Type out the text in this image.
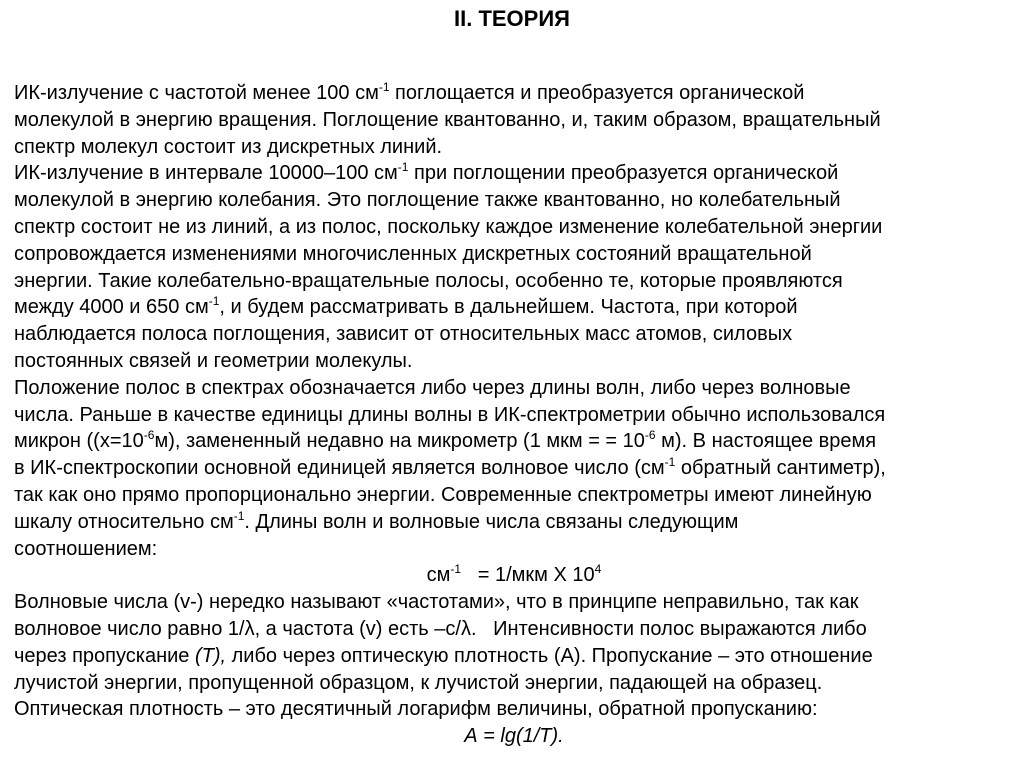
II. ТЕОРИЯ
ИК-излучение с частотой менее 100 $см^{-1}$ поглощается и преобразуется органической
молекулой в энергию вращения. Поглощение квантованно, и, таким образом, вращательный
спектр молекул состоит из дискретных линий.
ИК-излучение в интервале 10000–100 $см^{-1}$ при поглощении преобразуется органической
молекулой в энергию колебания. Это поглощение также квантованно, но колебательный
спектр состоит не из линий, а из полос, поскольку каждое изменение колебательной энергии
сопровождается изменениями многочисленных дискретных состояний вращательной
энергии. Такие колебательно-вращательные полосы, особенно те, которые проявляются
между 4000 и 650 $см^{-1}$, и будем рассматривать в дальнейшем. Частота, при которой
наблюдается полоса поглощения, зависит от относительных масс атомов, силовых
постоянных связей и геометрии молекулы.
Положение полос в спектрах обозначается либо через длины волн, либо через волновые
числа. Раньше в качестве единицы длины волны в ИК-спектрометрии обычно использовался
микрон ($(x=10^{-6}м)$, замененный недавно на микрометр (1 мкм = = $10^{-6}$ м). В настоящее время
в ИК-спектроскопии основной единицей является волновое число ($см^{-1}$ обратный сантиметр),
так как оно прямо пропорционально энергии. Современные спектрометры имеют линейную
шкалу относительно $см^{-1}$. Длины волн и волновые числа связаны следующим
соотношением:
$см^{-1} = 1/мкм$ Х $10^4$
Волновые числа (v-) нередко называют «частотами», что в принципе неправильно, так как
волновое число равно 1/λ, а частота (v) есть –c/λ.   Интенсивности полос выражаются либо
через пропускание (Т), либо через оптическую плотность (А). Пропускание – это отношение
лучистой энергии, пропущенной образцом, к лучистой энергии, падающей на образец.
Оптическая плотность – это десятичный логарифм величины, обратной пропусканию:
А = lg(1/Т).
